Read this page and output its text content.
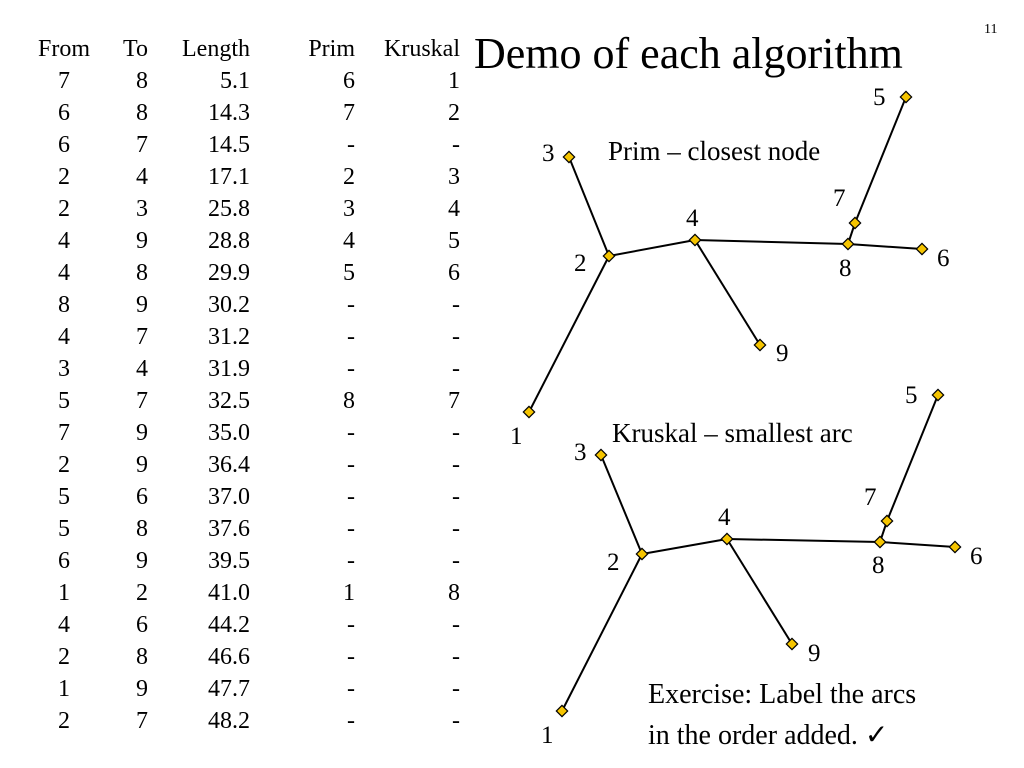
11
Demo of each algorithm
From	To	Length	Prim	Kruskal
7	8	5.1	6	1
6	8	14.3	7	2
6	7	14.5	-	-
2	4	17.1	2	3
2	3	25.8	3	4
4	9	28.8	4	5
4	8	29.9	5	6
8	9	30.2	-	-
4	7	31.2	-	-
3	4	31.9	-	-
5	7	32.5	8	7
7	9	35.0	-	-
2	9	36.4	-	-
5	6	37.0	-	-
5	8	37.6	-	-
6	9	39.5	-	-
1	2	41.0	1	8
4	6	44.2	-	-
2	8	46.6	-	-
1	9	47.7	-	-
2	7	48.2	-	-
Prim – closest node
1
2
3
4
5
6
7
8
9
Kruskal – smallest arc
1
2
3
4
5
6
7
8
9
Exercise: Label the arcs
in the order added. ✓
